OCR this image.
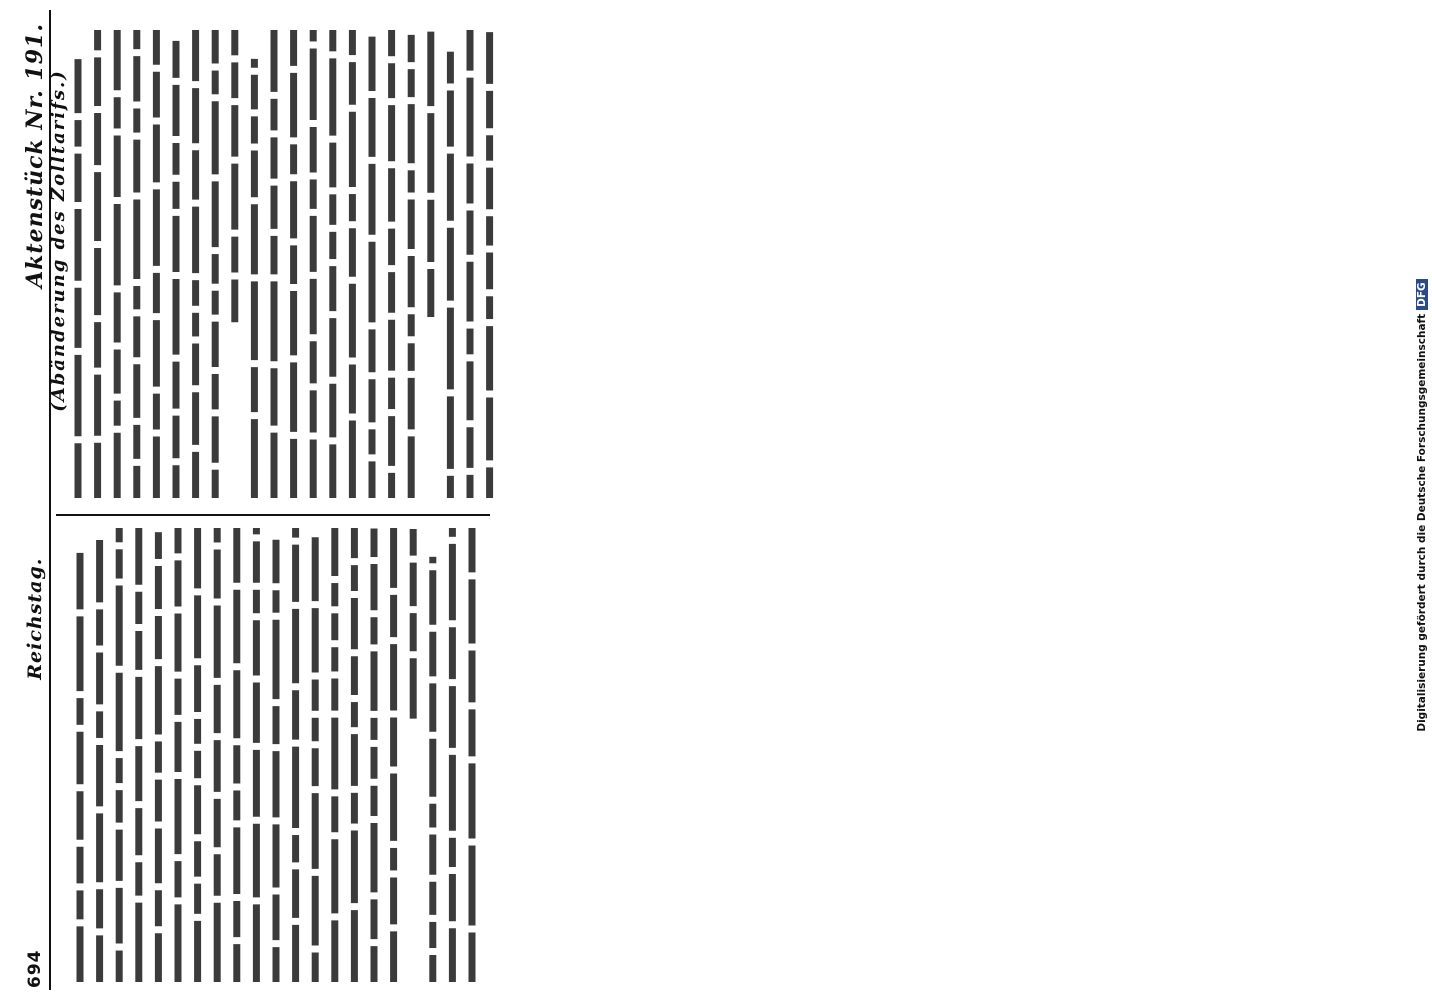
694
Reichstag.
Aktenstück Nr. 191. (Abänderung des Zolltarifs.)
Digitalisierung gefördert durch die Deutsche ForschungsgemeinschaftDFG
